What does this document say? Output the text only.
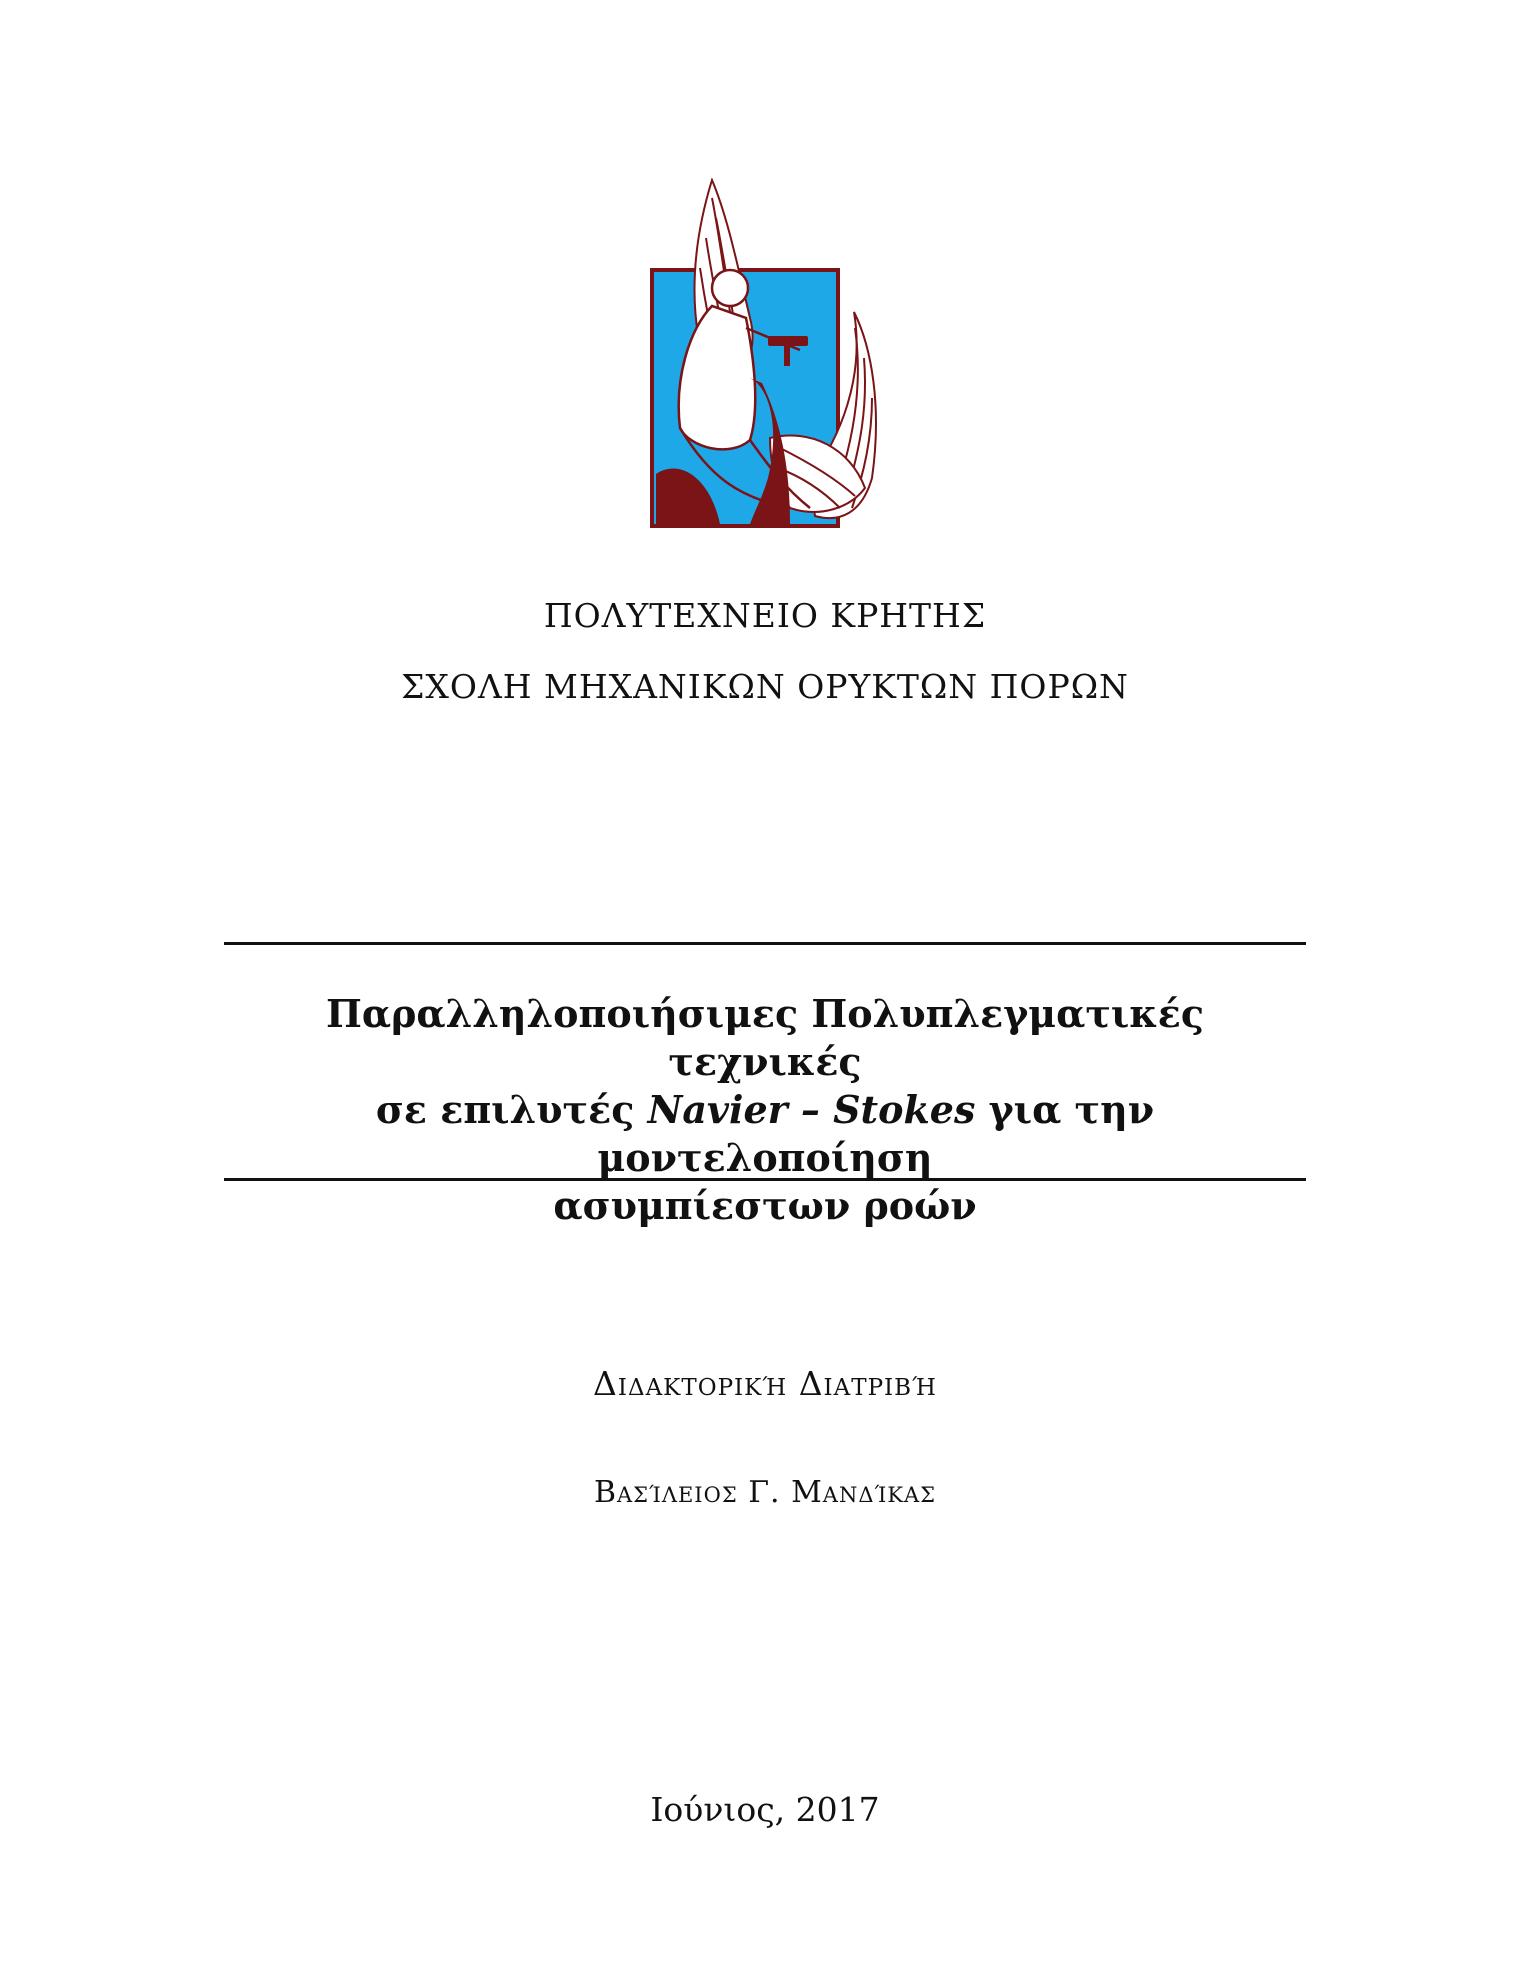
ΠΟΛΥΤΕΧΝΕΙΟ ΚΡΗΤΗΣ
ΣΧΟΛΗ ΜΗΧΑΝΙΚΩΝ ΟΡΥΚΤΩΝ ΠΟΡΩΝ
Παραλληλοποιήσιμες Πολυπλεγματικές τεχνικές
σε επιλυτές Navier – Stokes για την μοντελοποίηση
ασυμπίεστων ροών
Διδακτορική Διατριβή
Βασίλειος Γ. Μανδίκας
Ιούνιος, 2017
